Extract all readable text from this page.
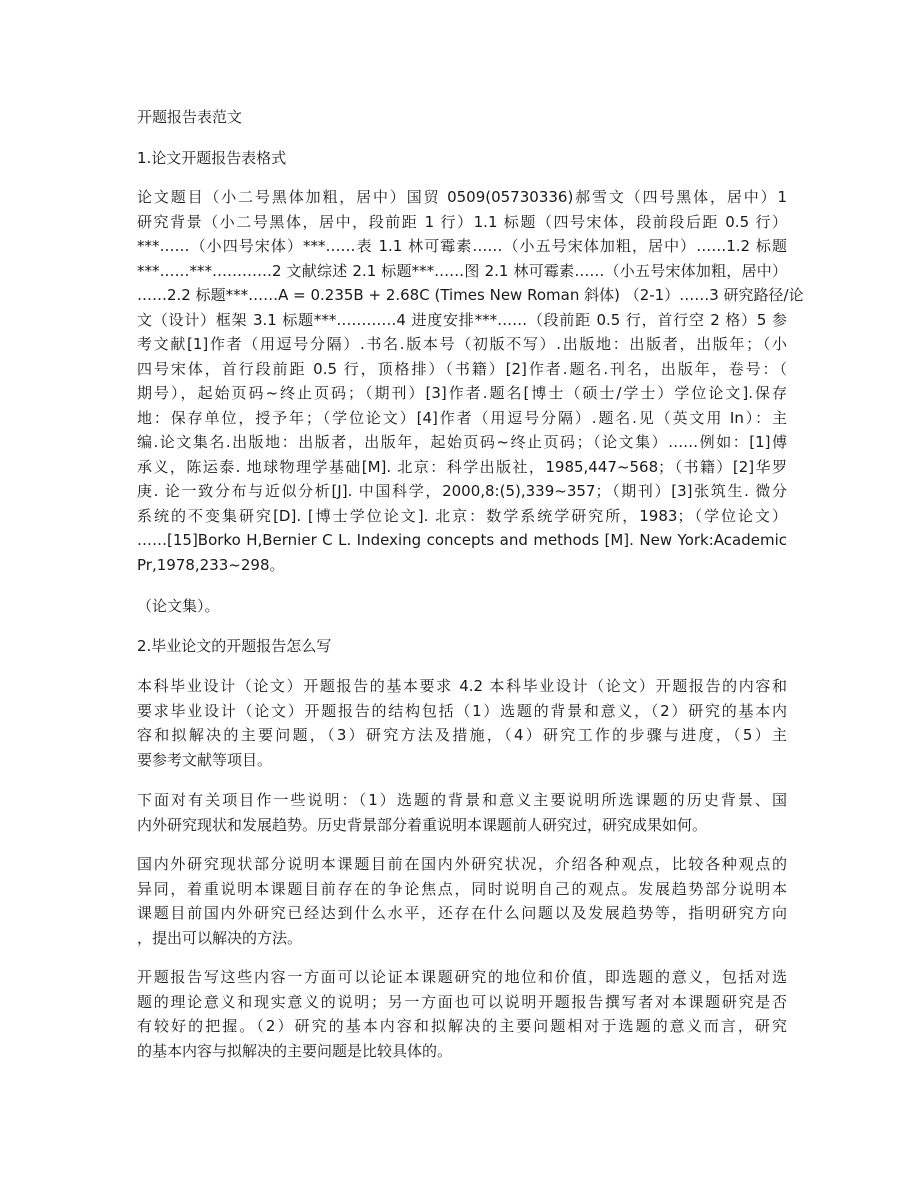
开题报告表范文
1.论文开题报告表格式
论文题目（小二号黑体加粗，居中）国贸 0509(05730336)郝雪文（四号黑体，居中）1
研究背景（小二号黑体，居中，段前距 1 行）1.1 标题（四号宋体，段前段后距 0.5 行）
***……（小四号宋体）***……表 1.1 林可霉素……（小五号宋体加粗，居中）……1.2 标题
***……***…………2 文献综述 2.1 标题***……图 2.1 林可霉素……（小五号宋体加粗，居中）
……2.2 标题***……A = 0.235B + 2.68C (Times New Roman 斜体) （2-1）……3 研究路径/论
文（设计）框架 3.1 标题***…………4 进度安排***……（段前距 0.5 行，首行空 2 格）5 参
考文献[1]作者（用逗号分隔）.书名.版本号（初版不写）.出版地：出版者，出版年；（小
四号宋体，首行段前距 0.5 行，顶格排）（书籍）[2]作者.题名.刊名，出版年，卷号：（
期号），起始页码~终止页码；（期刊）[3]作者.题名[博士（硕士/学士）学位论文].保存
地：保存单位，授予年；（学位论文）[4]作者（用逗号分隔）.题名.见（英文用 In）：主
编.论文集名.出版地：出版者，出版年，起始页码~终止页码；（论文集）……例如：[1]傅
承义，陈运泰. 地球物理学基础[M]. 北京：科学出版社，1985,447~568；（书籍）[2]华罗
庚. 论一致分布与近似分析[J]. 中国科学，2000,8:(5),339~357；（期刊）[3]张筑生. 微分
系统的不变集研究[D]. [博士学位论文]. 北京：数学系统学研究所，1983；（学位论文）
……[15]Borko H,Bernier C L. Indexing concepts and methods [M]. New York:Academic
Pr,1978,233~298。
（论文集）。
2.毕业论文的开题报告怎么写
本科毕业设计（论文）开题报告的基本要求 4.2 本科毕业设计（论文）开题报告的内容和
要求毕业设计（论文）开题报告的结构包括（1）选题的背景和意义，（2）研究的基本内
容和拟解决的主要问题，（3）研究方法及措施，（4）研究工作的步骤与进度，（5）主
要参考文献等项目。
下面对有关项目作一些说明：（1）选题的背景和意义主要说明所选课题的历史背景、国
内外研究现状和发展趋势。历史背景部分着重说明本课题前人研究过，研究成果如何。
国内外研究现状部分说明本课题目前在国内外研究状况，介绍各种观点，比较各种观点的
异同，着重说明本课题目前存在的争论焦点，同时说明自己的观点。发展趋势部分说明本
课题目前国内外研究已经达到什么水平，还存在什么问题以及发展趋势等，指明研究方向
，提出可以解决的方法。
开题报告写这些内容一方面可以论证本课题研究的地位和价值，即选题的意义，包括对选
题的理论意义和现实意义的说明；另一方面也可以说明开题报告撰写者对本课题研究是否
有较好的把握。（2）研究的基本内容和拟解决的主要问题相对于选题的意义而言，研究
的基本内容与拟解决的主要问题是比较具体的。
